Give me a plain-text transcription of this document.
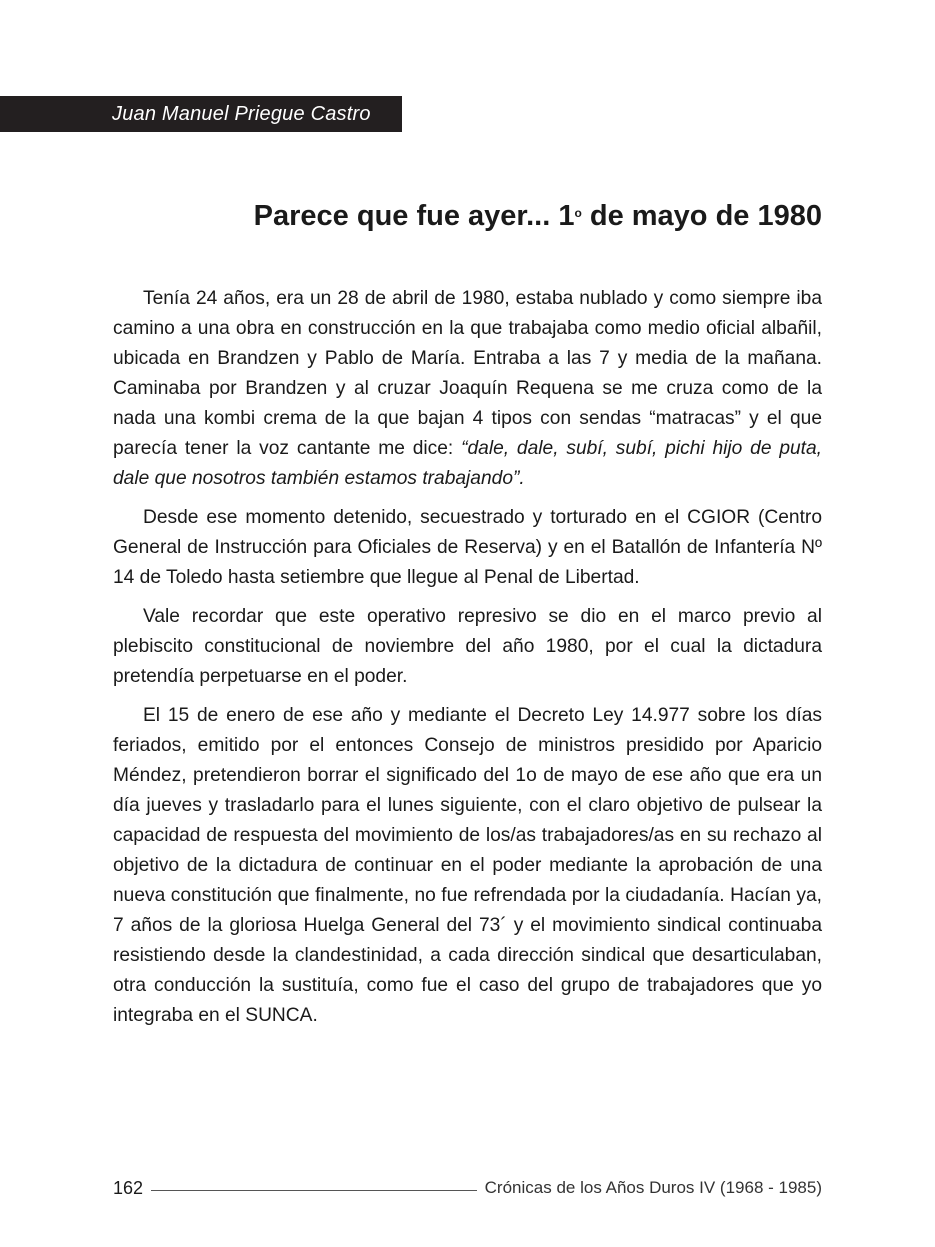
Juan Manuel Priegue Castro
Parece que fue ayer... 1$^o$ de mayo de 1980

Tenía 24 años, era un 28 de abril de 1980, estaba nublado y como siempre iba camino a una obra en construcción en la que trabajaba como medio oficial albañil, ubicada en Brandzen y Pablo de María. Entraba a las 7 y media de la mañana. Caminaba por Brandzen y al cruzar Joaquín Requena se me cruza como de la nada una kombi crema de la que bajan 4 tipos con sendas “matracas” y el que parecía tener la voz cantante me dice: “dale, dale, subí, subí, pichi hijo de puta, dale que nosotros también estamos trabajando”.

Desde ese momento detenido, secuestrado y torturado en el CGIOR (Centro General de Instrucción para Oficiales de Reserva) y en el Batallón de Infantería Nº 14 de Toledo hasta setiembre que llegue al Penal de Libertad.

Vale recordar que este operativo represivo se dio en el marco previo al plebiscito constitucional de noviembre del año 1980, por el cual la dictadura pretendía perpetuarse en el poder.

El 15 de enero de ese año y mediante el Decreto Ley 14.977 sobre los días feriados, emitido por el entonces Consejo de ministros presidido por Aparicio Méndez, pretendieron borrar el significado del 1o de mayo de ese año que era un día jueves y trasladarlo para el lunes siguiente, con el claro objetivo de pulsear la capacidad de respuesta del movimiento de los/as trabajadores/as en su rechazo al objetivo de la dictadura de continuar en el poder mediante la aprobación de una nueva constitución que finalmente, no fue refrendada por la ciudadanía. Hacían ya, 7 años de la gloriosa Huelga General del 73´ y el movimiento sindical continuaba resistiendo desde la clandestinidad, a cada dirección sindical que desarticulaban, otra conducción la sustituía, como fue el caso del grupo de trabajadores que yo integraba en el SUNCA.

162	Crónicas de los Años Duros IV (1968 - 1985)
